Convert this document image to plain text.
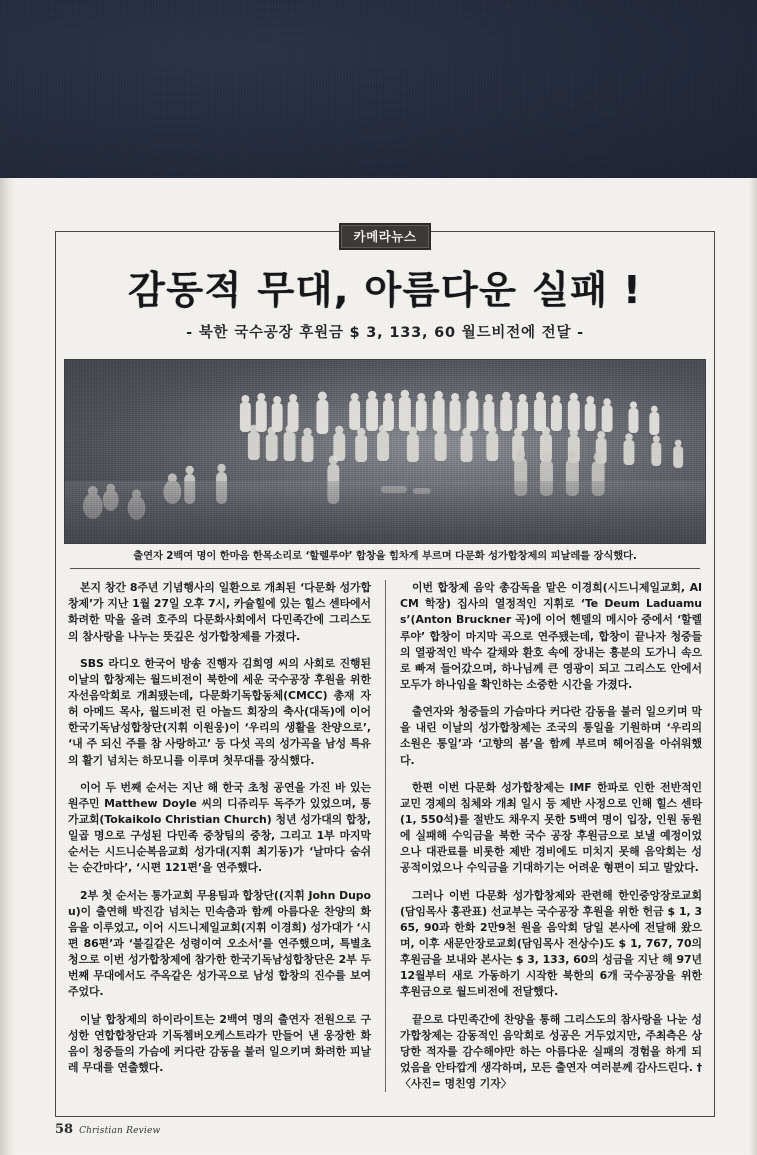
카메라뉴스
감동적 무대, 아름다운 실패 !
- 북한 국수공장 후원금 $ 3, 133, 60 월드비전에 전달 -
출연자 2백여 명이 한마음 한목소리로 ‘할렐루야’ 합창을 힘차게 부르며 다문화 성가합창제의 피날레를 장식했다.

본지 창간 8주년 기념행사의 일환으로 개최된 ‘다문화 성가합창제’가 지난 1월 27일 오후 7시, 카슐힐에 있는 힐스 센타에서 화려한 막을 올려 호주의 다문화사회에서 다민족간에 그리스도의 참사랑을 나누는 뜻깊은 성가합창제를 가졌다.

SBS 라디오 한국어 방송 진행자 김희영 씨의 사회로 진행된 이날의 합창제는 월드비전이 북한에 세운 국수공장 후원을 위한 자선음악회로 개최됐는데, 다문화기독합동체(CMCC) 총재 자허 아메드 목사, 월드비전 린 아놀드 회장의 축사(대독)에 이어 한국기독남성합창단(지휘 이원웅)이 ‘우리의 생활을 찬양으로’, ‘내 주 되신 주를 참 사랑하고’ 등 다섯 곡의 성가곡을 남성 특유의 활기 넘치는 하모니를 이루며 첫무대를 장식했다.

이어 두 번째 순서는 지난 해 한국 초청 공연을 가진 바 있는 원주민 Matthew Doyle 씨의 디쥬리두 독주가 있었으며, 통가교회(Tokaikolo Christian Church) 청년 성가대의 합창, 일곱 명으로 구성된 다민족 중창팀의 중창, 그리고 1부 마지막 순서는 시드니순복음교회 성가대(지휘 최기동)가 ‘날마다 숨쉬는 순간마다’, ‘시편 121편’을 연주했다.

2부 첫 순서는 통가교회 무용팀과 합창단((지휘 John Dupou)이 출연해 박진감 넘치는 민속춤과 함께 아름다운 찬양의 화음을 이루었고, 이어 시드니제일교회(지휘 이경희) 성가대가 ‘시편 86편’과 ‘불길같은 성령이여 오소서’를 연주했으며, 특별초청으로 이번 성가합창제에 참가한 한국기독남성합창단은 2부 두 번째 무대에서도 주옥같은 성가곡으로 남성 합창의 진수를 보여 주었다.

이날 합창제의 하이라이트는 2백여 명의 출연자 전원으로 구성한 연합합창단과 기독쳄버오케스트라가 만들어 낸 웅장한 화음이 청중들의 가슴에 커다란 감동을 불러 일으키며 화려한 피날레 무대를 연출했다.

이번 합창제 음악 총감독을 맡은 이경희(시드니제일교회, AICM 학장) 집사의 열정적인 지휘로 ‘Te Deum Laduamus’(Anton Bruckner 곡)에 이어 헨델의 메시아 중에서 ‘할렐루야’ 합창이 마지막 곡으로 연주됐는데, 합창이 끝나자 청중들의 열광적인 박수 갈채와 환호 속에 장내는 흥분의 도가니 속으로 빠져 들어갔으며, 하나님께 큰 영광이 되고 그리스도 안에서 모두가 하나임을 확인하는 소중한 시간을 가졌다.

출연자와 청중들의 가슴마다 커다란 감동을 불러 일으키며 막을 내린 이날의 성가합창제는 조국의 통일을 기원하며 ‘우리의 소원은 통일’과 ‘고향의 봄’을 함께 부르며 헤어짐을 아쉬워했다.

한편 이번 다문화 성가합창제는 IMF 한파로 인한 전반적인 교민 경제의 침체와 개최 일시 등 제반 사정으로 인해 힐스 센타(1, 550석)를 절반도 채우지 못한 5백여 명이 입장, 인원 동원에 실패해 수익금을 북한 국수 공장 후원금으로 보낼 예정이었으나 대관료를 비롯한 제반 경비에도 미치지 못해 음악회는 성공적이었으나 수익금을 기대하기는 어려운 형편이 되고 말았다.

그러나 이번 다문화 성가합창제와 관련해 한인중앙장로교회(담임목사 홍관표) 선교부는 국수공장 후원을 위한 헌금 $ 1, 365, 90과 한화 2만9천 원을 음악회 당일 본사에 전달해 왔으며, 이후 새문안장로교회(담임목사 전상수)도 $ 1, 767, 70의 후원금을 보내와 본사는 $ 3, 133, 60의 성금을 지난 해 97년12월부터 새로 가동하기 시작한 북한의 6개 국수공장을 위한 후원금으로 월드비전에 전달했다.

끝으로 다민족간에 찬양을 통해 그리스도의 참사랑을 나눈 성가합창제는 감동적인 음악회로 성공은 거두었지만, 주최측은 상당한 적자를 감수해야만 하는 아름다운 실패의 경험을 하게 되었음을 안타깝게 생각하며, 모든 출연자 여러분께 감사드린다. † 〈사진= 명친영 기자〉

58 Christian Review
